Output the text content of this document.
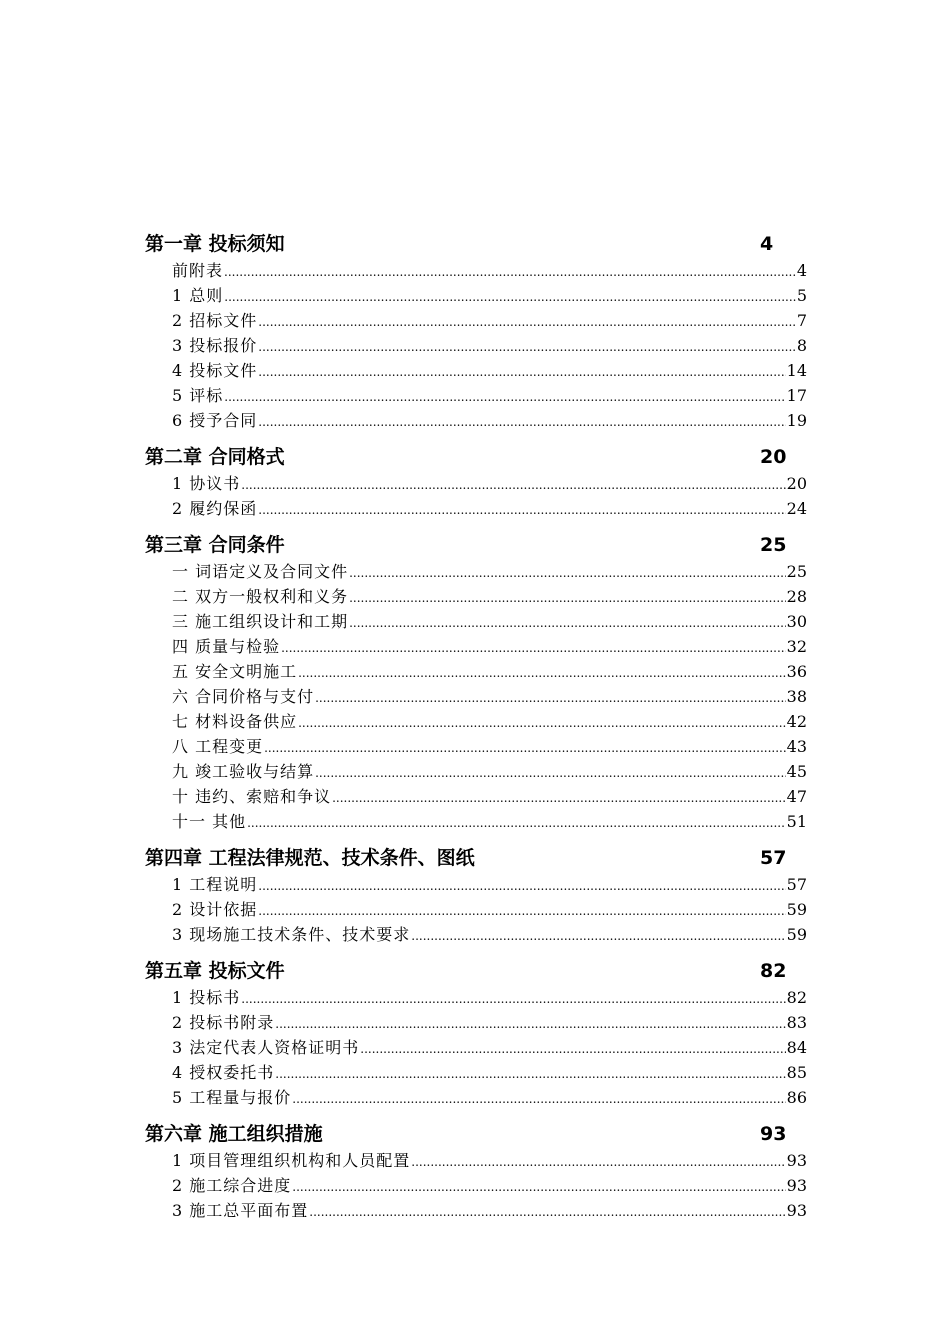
第一章 投标须知	4
前附表 .....	4
1 总则 .....	5
2 招标文件 .....	7
3 投标报价 .....	8
4 投标文件 .....	14
5 评标 .....	17
6 授予合同 .....	19
第二章 合同格式	20
1 协议书 .....	20
2 履约保函 .....	24
第三章 合同条件	25
一 词语定义及合同文件 .....	25
二 双方一般权利和义务 .....	28
三 施工组织设计和工期 .....	30
四 质量与检验 .....	32
五 安全文明施工 .....	36
六 合同价格与支付 .....	38
七 材料设备供应 .....	42
八 工程变更 .....	43
九 竣工验收与结算 .....	45
十 违约、索赔和争议 .....	47
十一 其他 .....	51
第四章 工程法律规范、技术条件、图纸	57
1 工程说明 .....	57
2 设计依据 .....	59
3 现场施工技术条件、技术要求 .....	59
第五章 投标文件	82
1 投标书 .....	82
2 投标书附录 .....	83
3 法定代表人资格证明书 .....	84
4 授权委托书 .....	85
5 工程量与报价 .....	86
第六章 施工组织措施	93
1 项目管理组织机构和人员配置 .....	93
2 施工综合进度 .....	93
3 施工总平面布置 .....	93
